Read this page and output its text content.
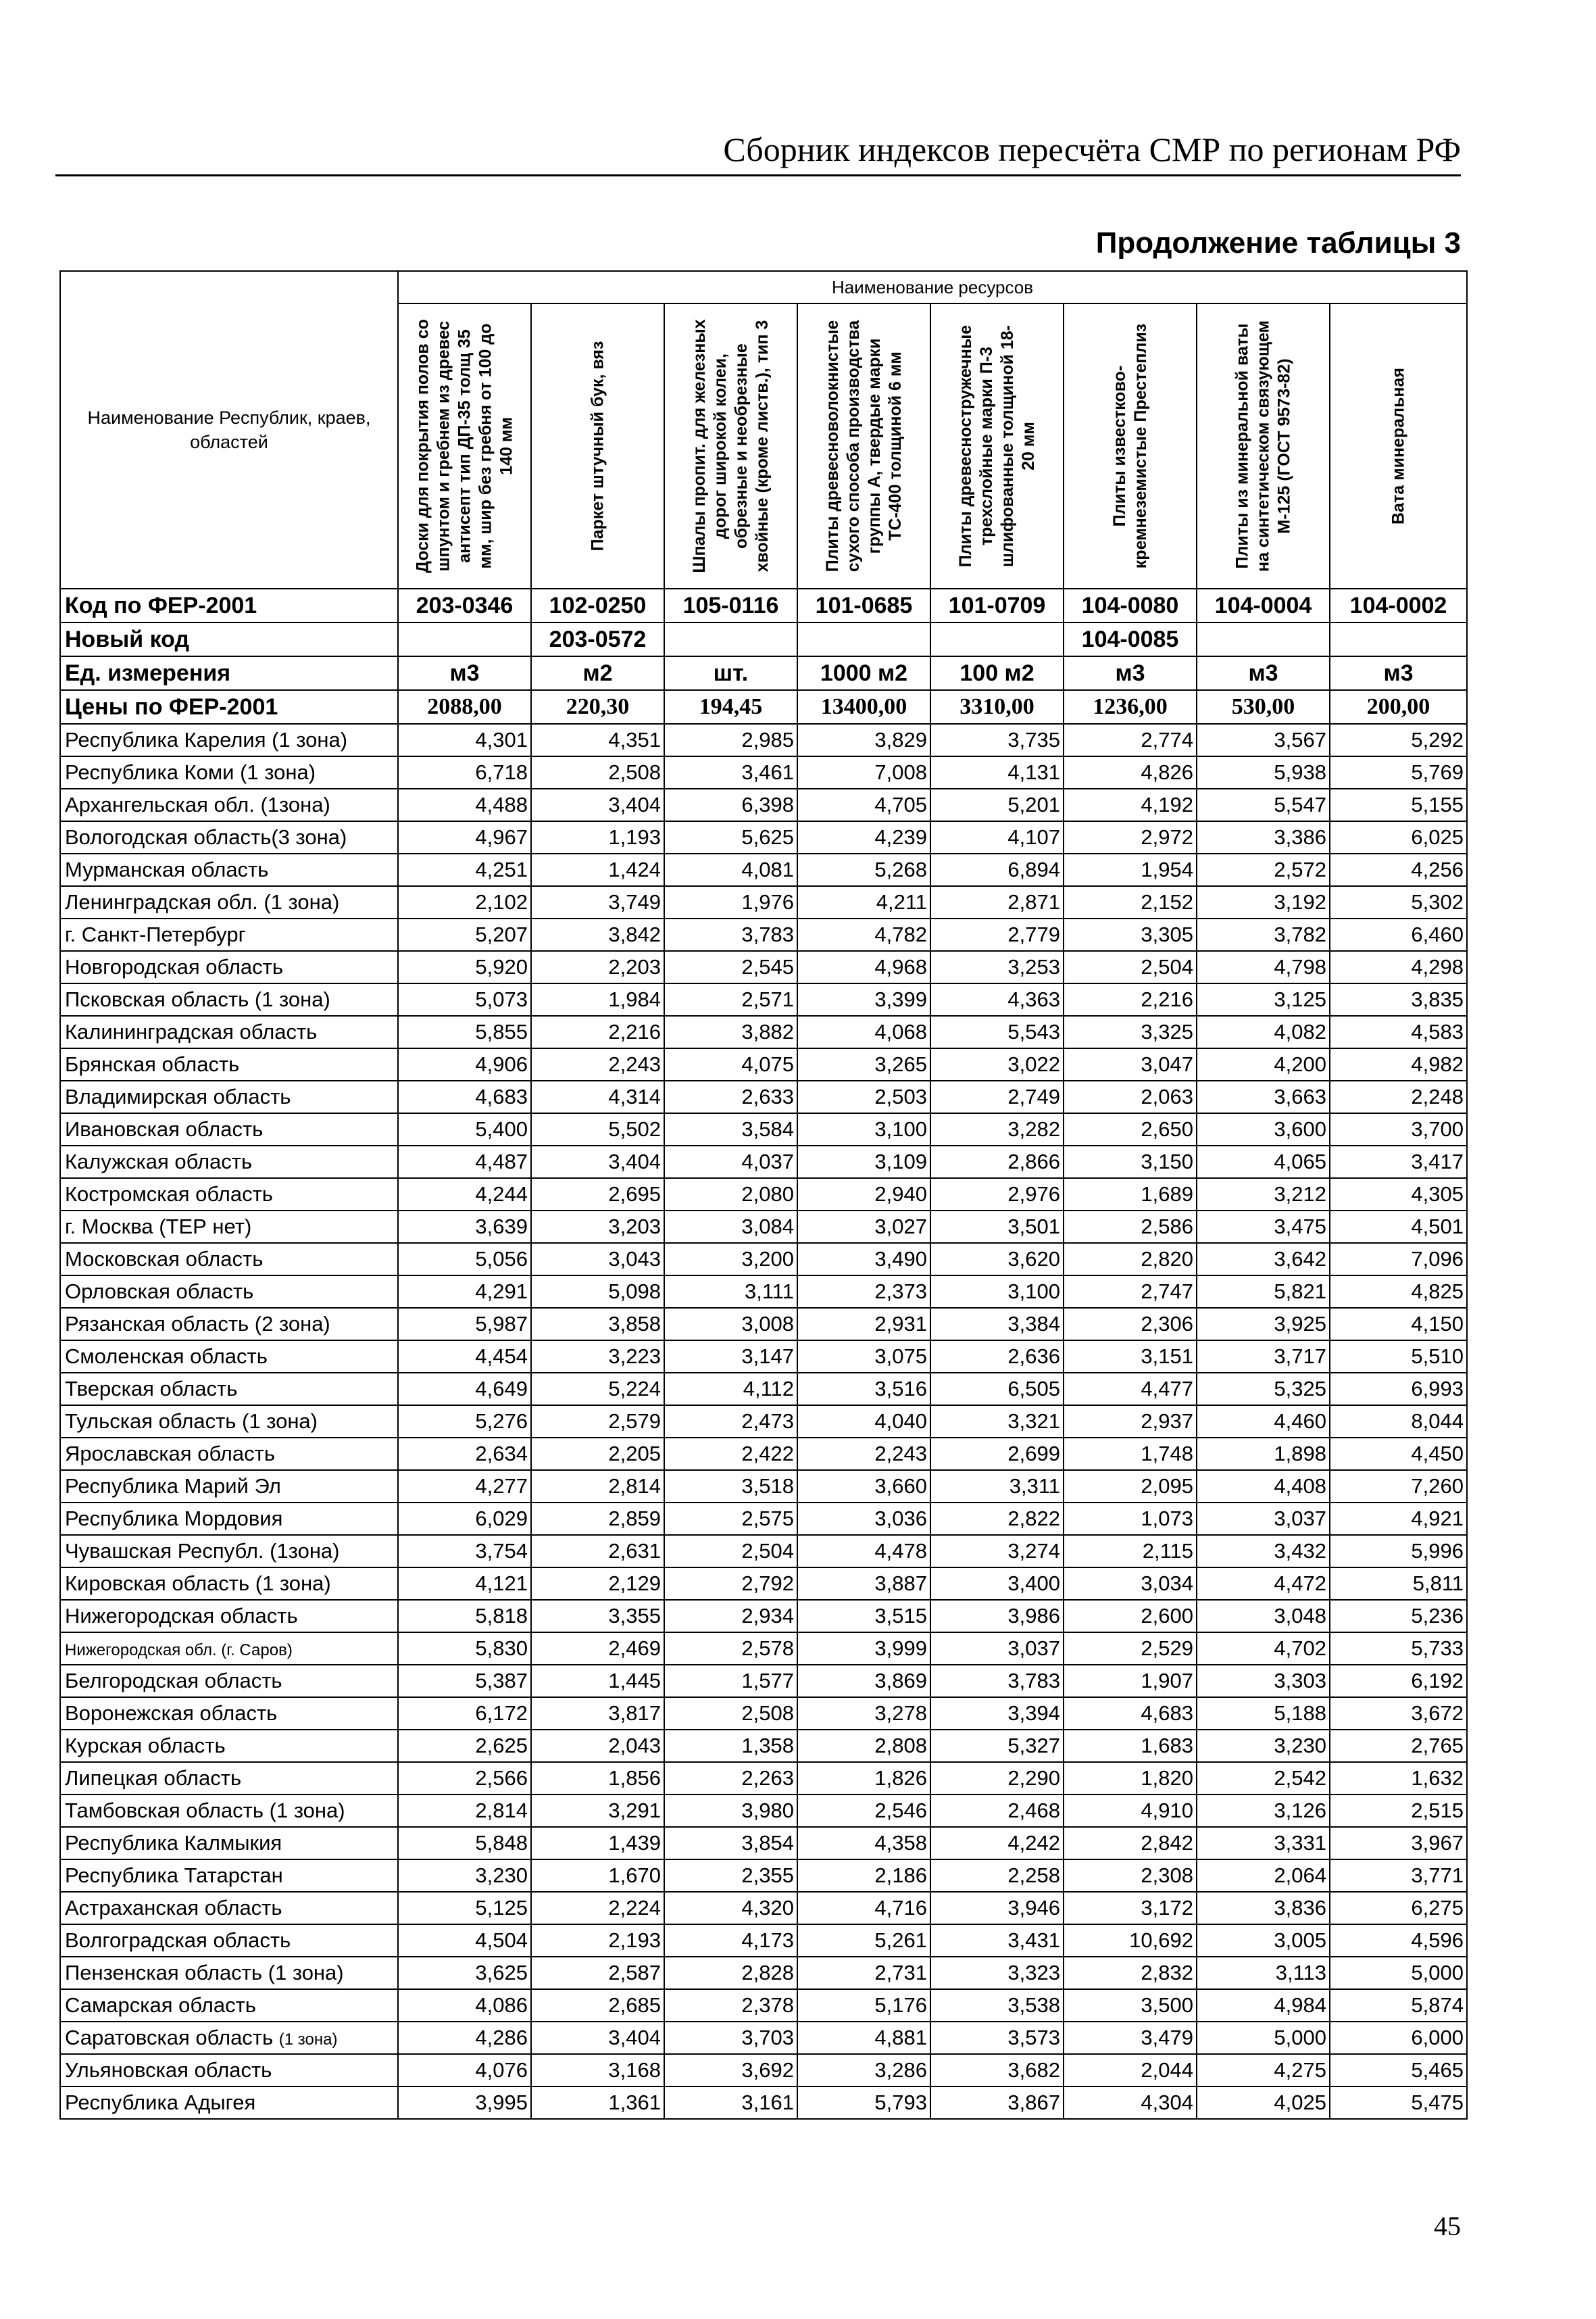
Сборник индексов пересчёта СМР по регионам РФ
Продолжение таблицы 3
Наименование Республик, краев, областей	Наименование ресурсов							

	Доски для покрытия полов со шпунтом и гребнем из древес антисепт тип ДП-35 толщ 35 мм, шир без гребня от 100 до 140 мм	Паркет штучный бук, вяз	Шпалы пропит. для железных дорог широкой колеи, обрезные и необрезные хвойные (кроме листв.), тип 3	Плиты древесноволокнистые сухого способа производства группы А, твердые марки ТС-400 толщиной 6 мм	Плиты древесностружечные трехслойные марки П-3 шлифованные толщиной 18-20 мм	Плиты известково-кремнеземистые Престеплиз	Плиты из минеральной ваты на синтетическом связующем М-125 (ГОСТ 9573-82)	Вата минеральная

Код по ФЕР-2001	203-0346	102-0250	105-0116	101-0685	101-0709	104-0080	104-0004	104-0002
Новый код		203-0572				104-0085		
Ед. измерения	м3	м2	шт.	1000 м2	100 м2	м3	м3	м3
Цены по ФЕР-2001	2088,00	220,30	194,45	13400,00	3310,00	1236,00	530,00	200,00
Республика Карелия (1 зона)	4,301	4,351	2,985	3,829	3,735	2,774	3,567	5,292
Республика Коми (1 зона)	6,718	2,508	3,461	7,008	4,131	4,826	5,938	5,769
Архангельская обл. (1зона)	4,488	3,404	6,398	4,705	5,201	4,192	5,547	5,155
Вологодская область(3 зона)	4,967	1,193	5,625	4,239	4,107	2,972	3,386	6,025
Мурманская область	4,251	1,424	4,081	5,268	6,894	1,954	2,572	4,256
Ленинградская обл. (1 зона)	2,102	3,749	1,976	4,211	2,871	2,152	3,192	5,302
г. Санкт-Петербург	5,207	3,842	3,783	4,782	2,779	3,305	3,782	6,460
Новгородская область	5,920	2,203	2,545	4,968	3,253	2,504	4,798	4,298
Псковская область (1 зона)	5,073	1,984	2,571	3,399	4,363	2,216	3,125	3,835
Калининградская область	5,855	2,216	3,882	4,068	5,543	3,325	4,082	4,583
Брянская область	4,906	2,243	4,075	3,265	3,022	3,047	4,200	4,982
Владимирская область	4,683	4,314	2,633	2,503	2,749	2,063	3,663	2,248
Ивановская область	5,400	5,502	3,584	3,100	3,282	2,650	3,600	3,700
Калужская область	4,487	3,404	4,037	3,109	2,866	3,150	4,065	3,417
Костромская область	4,244	2,695	2,080	2,940	2,976	1,689	3,212	4,305
г. Москва (ТЕР нет)	3,639	3,203	3,084	3,027	3,501	2,586	3,475	4,501
Московская область	5,056	3,043	3,200	3,490	3,620	2,820	3,642	7,096
Орловская область	4,291	5,098	3,111	2,373	3,100	2,747	5,821	4,825
Рязанская область (2 зона)	5,987	3,858	3,008	2,931	3,384	2,306	3,925	4,150
Смоленская область	4,454	3,223	3,147	3,075	2,636	3,151	3,717	5,510
Тверская область	4,649	5,224	4,112	3,516	6,505	4,477	5,325	6,993
Тульская область (1 зона)	5,276	2,579	2,473	4,040	3,321	2,937	4,460	8,044
Ярославская область	2,634	2,205	2,422	2,243	2,699	1,748	1,898	4,450
Республика Марий Эл	4,277	2,814	3,518	3,660	3,311	2,095	4,408	7,260
Республика Мордовия	6,029	2,859	2,575	3,036	2,822	1,073	3,037	4,921
Чувашская Республ. (1зона)	3,754	2,631	2,504	4,478	3,274	2,115	3,432	5,996
Кировская область (1 зона)	4,121	2,129	2,792	3,887	3,400	3,034	4,472	5,811
Нижегородская область	5,818	3,355	2,934	3,515	3,986	2,600	3,048	5,236
Нижегородская обл. (г. Саров)	5,830	2,469	2,578	3,999	3,037	2,529	4,702	5,733
Белгородская область	5,387	1,445	1,577	3,869	3,783	1,907	3,303	6,192
Воронежская область	6,172	3,817	2,508	3,278	3,394	4,683	5,188	3,672
Курская область	2,625	2,043	1,358	2,808	5,327	1,683	3,230	2,765
Липецкая область	2,566	1,856	2,263	1,826	2,290	1,820	2,542	1,632
Тамбовская область (1 зона)	2,814	3,291	3,980	2,546	2,468	4,910	3,126	2,515
Республика Калмыкия	5,848	1,439	3,854	4,358	4,242	2,842	3,331	3,967
Республика Татарстан	3,230	1,670	2,355	2,186	2,258	2,308	2,064	3,771
Астраханская область	5,125	2,224	4,320	4,716	3,946	3,172	3,836	6,275
Волгоградская область	4,504	2,193	4,173	5,261	3,431	10,692	3,005	4,596
Пензенская область (1 зона)	3,625	2,587	2,828	2,731	3,323	2,832	3,113	5,000
Самарская область	4,086	2,685	2,378	5,176	3,538	3,500	4,984	5,874
Саратовская область (1 зона)	4,286	3,404	3,703	4,881	3,573	3,479	5,000	6,000
Ульяновская область	4,076	3,168	3,692	3,286	3,682	2,044	4,275	5,465
Республика Адыгея	3,995	1,361	3,161	5,793	3,867	4,304	4,025	5,475
45
